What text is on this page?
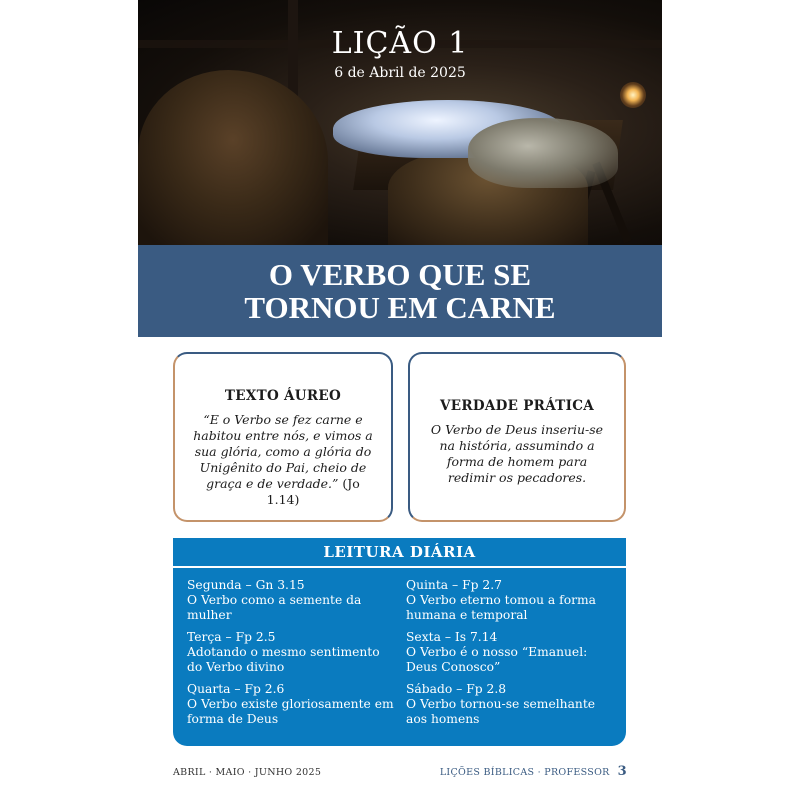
LIÇÃO 1
6 de Abril de 2025
O VERBO QUE SE TORNOU EM CARNE
TEXTO ÁUREO

“E o Verbo se fez carne e habitou entre nós, e vimos a sua glória, como a glória do Unigênito do Pai, cheio de graça e de verdade.” (Jo 1.14)

VERDADE PRÁTICA

O Verbo de Deus inseriu-se na história, assumindo a forma de homem para redimir os pecadores.

LEITURA DIÁRIA
Segunda – Gn 3.15
O Verbo como a semente da mulher
Terça – Fp 2.5
Adotando o mesmo sentimento do Verbo divino
Quarta – Fp 2.6
O Verbo existe gloriosamente em forma de Deus
Quinta – Fp 2.7
O Verbo eterno tomou a forma humana e temporal
Sexta – Is 7.14
O Verbo é o nosso “Emanuel: Deus Conosco”
Sábado – Fp 2.8
O Verbo tornou-se semelhante aos homens
ABRIL · MAIO · JUNHO 2025	LIÇÕES BÍBLICAS · PROFESSOR 3
